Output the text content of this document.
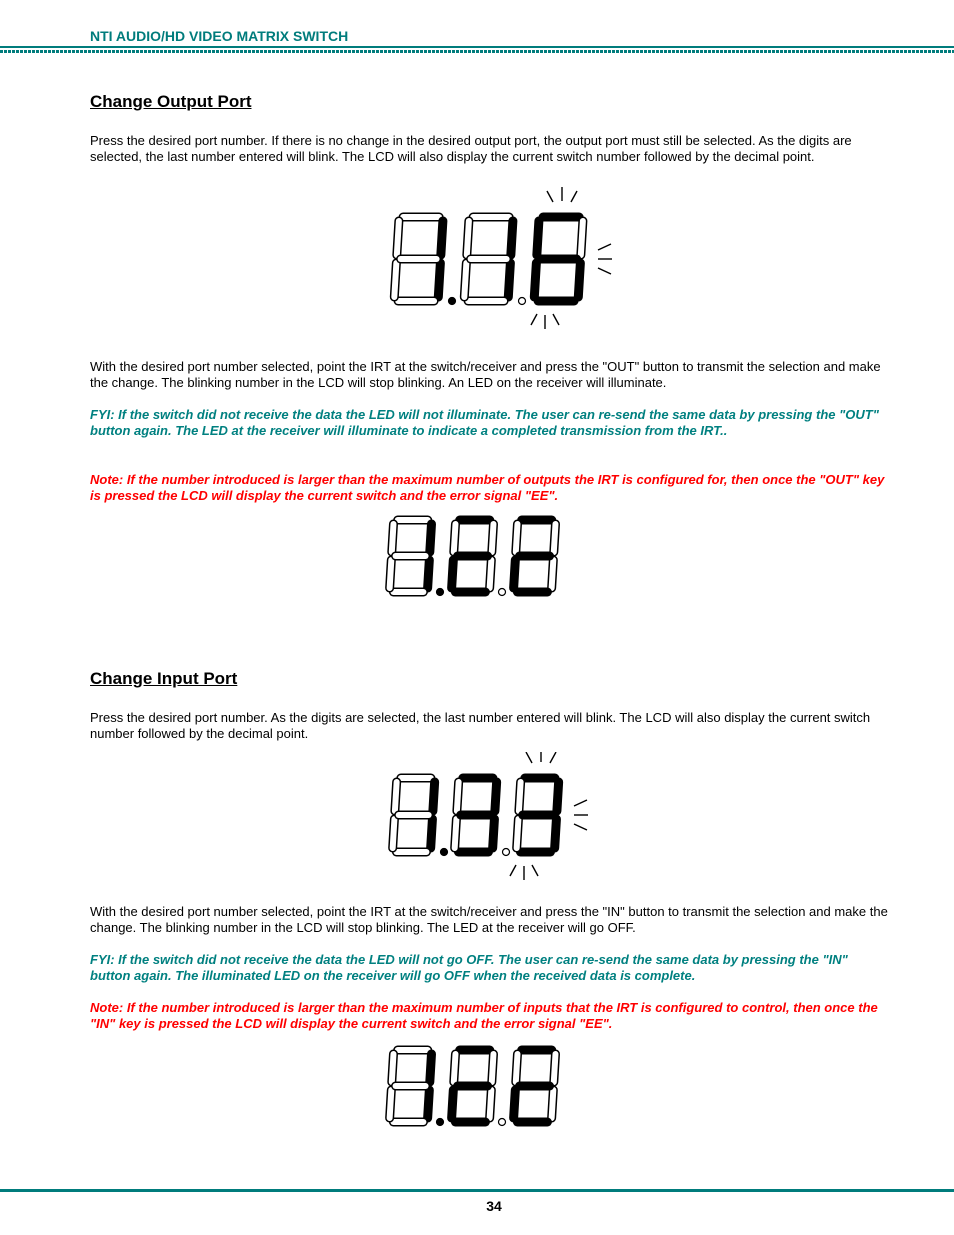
NTI AUDIO/HD VIDEO MATRIX SWITCH
Change Output Port
Press the desired port number. If there is no change in the desired output port, the output port must still be selected. As the digits are selected, the last number entered will blink. The LCD will also display the current switch number followed by the decimal point.
With the desired port number selected, point the IRT at the switch/receiver and press the "OUT" button to transmit the selection and make the change. The blinking number in the LCD will stop blinking. An LED on the receiver will illuminate.
FYI: If the switch did not receive the data the LED will not illuminate. The user can re-send the same data by pressing the "OUT" button again. The LED at the receiver will illuminate to indicate a completed transmission from the IRT..
Note: If the number introduced is larger than the maximum number of outputs the IRT is configured for, then once the "OUT" key is pressed the LCD will display the current switch and the error signal "EE".
Change Input Port
Press the desired port number. As the digits are selected, the last number entered will blink. The LCD will also display the current switch number followed by the decimal point.
With the desired port number selected, point the IRT at the switch/receiver and press the "IN" button to transmit the selection and make the change. The blinking number in the LCD will stop blinking. The LED at the receiver will go OFF.
FYI: If the switch did not receive the data the LED will not go OFF. The user can re-send the same data by pressing the "IN" button again. The illuminated LED on the receiver will go OFF when the received data is complete.
Note: If the number introduced is larger than the maximum number of inputs that the IRT is configured to control, then once the "IN" key is pressed the LCD will display the current switch and the error signal "EE".
34
